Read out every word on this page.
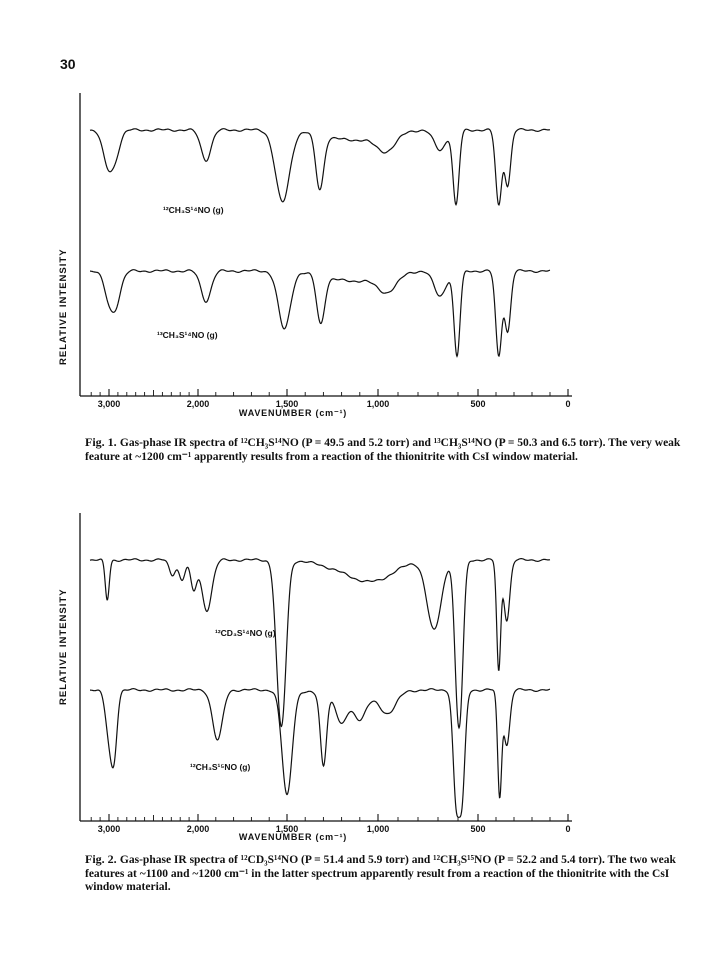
30
RELATIVE INTENSITY
¹²CH₃S¹⁴NO (g)
¹³CH₃S¹⁴NO (g)
WAVENUMBER (cm⁻¹)
3,000	2,000	1,500	1,000	500	0
Fig. 1. Gas-phase IR spectra of ¹²CH₃S¹⁴NO (P = 49.5 and 5.2 torr) and ¹³CH₃S¹⁴NO (P = 50.3 and 6.5 torr). The very weak feature at ~1200 cm⁻¹ apparently results from a reaction of the thionitrite with CsI window material.
RELATIVE INTENSITY	¹²CD₃S¹⁴NO (g)
¹²CH₃S¹⁵NO (g)
WAVENUMBER (cm⁻¹)
3,000	2,000	1,500	1,000	500	0
Fig. 2. Gas-phase IR spectra of ¹²CD₃S¹⁴NO (P = 51.4 and 5.9 torr) and ¹²CH₃S¹⁵NO (P = 52.2 and 5.4 torr). The two weak features at ~1100 and ~1200 cm⁻¹ in the latter spectrum apparently result from a reaction of the thionitrite with the CsI window material.
